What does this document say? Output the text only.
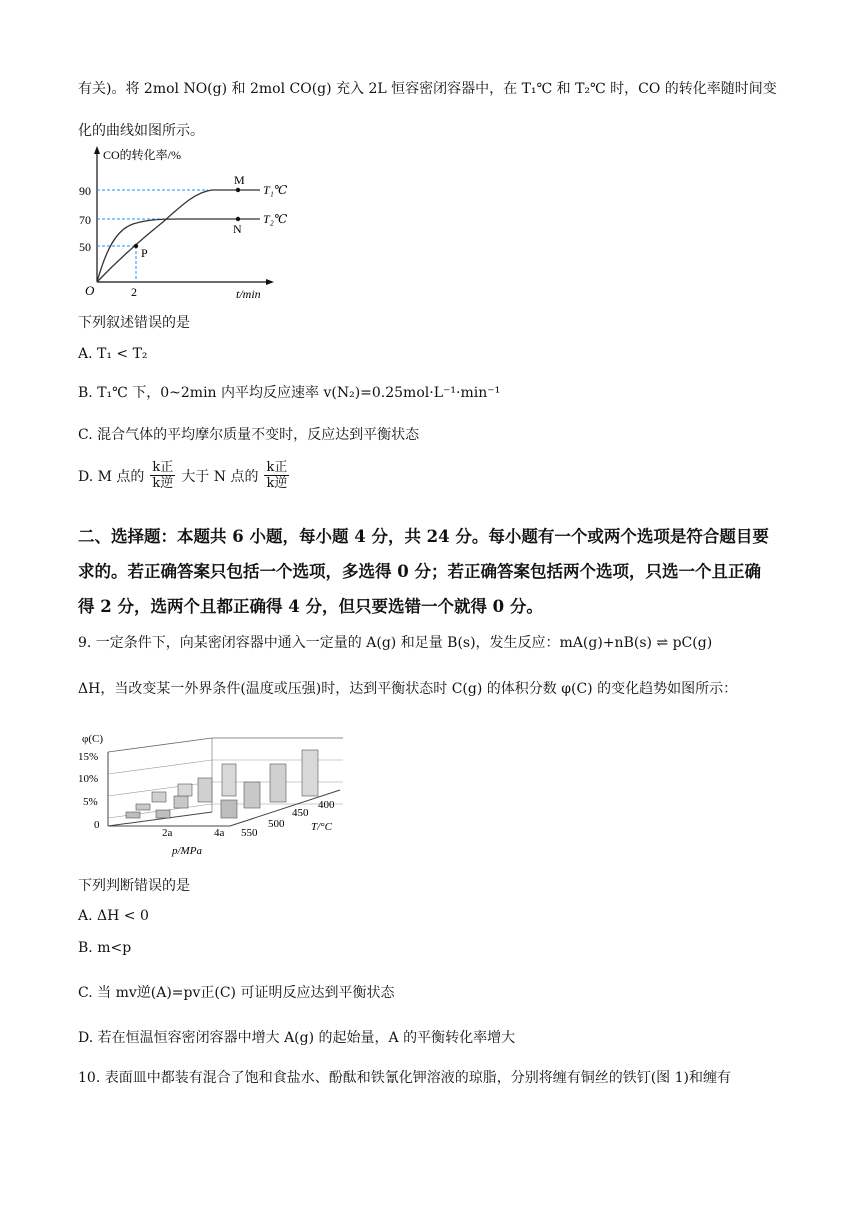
有关)。将 2mol NO(g) 和 2mol CO(g) 充入 2L 恒容密闭容器中，在 T₁℃ 和 T₂℃ 时，CO 的转化率随时间变
化的曲线如图所示。
CO的转化率/%
t/min
O
90
70
50
2
M
N
P
T₁℃
T₂℃
下列叙述错误的是
A. T₁ < T₂
B. T₁℃ 下，0~2min 内平均反应速率 v(N₂)=0.25mol·L⁻¹·min⁻¹
C. 混合气体的平均摩尔质量不变时，反应达到平衡状态
D. M 点的
k正
k逆 大于 N 点的
k正
k逆
二、选择题：本题共 6 小题，每小题 4 分，共 24 分。每小题有一个或两个选项是符合题目要
求的。若正确答案只包括一个选项，多选得 0 分；若正确答案包括两个选项，只选一个且正确
得 2 分，选两个且都正确得 4 分，但只要选错一个就得 0 分。
9. 一定条件下，向某密闭容器中通入一定量的 A(g) 和足量 B(s)，发生反应：mA(g)+nB(s) ⇌ pC(g)
ΔH，当改变某一外界条件(温度或压强)时，达到平衡状态时 C(g) 的体积分数 φ(C) 的变化趋势如图所示：
φ(C)
15%
10%
5%
0
2a	4a
p/MPa
550
500
450
400
T/°C
下列判断错误的是
A. ΔH < 0
B. m<p
C. 当 mv逆(A)=pv正(C) 可证明反应达到平衡状态
D. 若在恒温恒容密闭容器中增大 A(g) 的起始量，A 的平衡转化率增大
10. 表面皿中都装有混合了饱和食盐水、酚酞和铁氰化钾溶液的琼脂，分别将缠有铜丝的铁钉(图 1)和缠有
